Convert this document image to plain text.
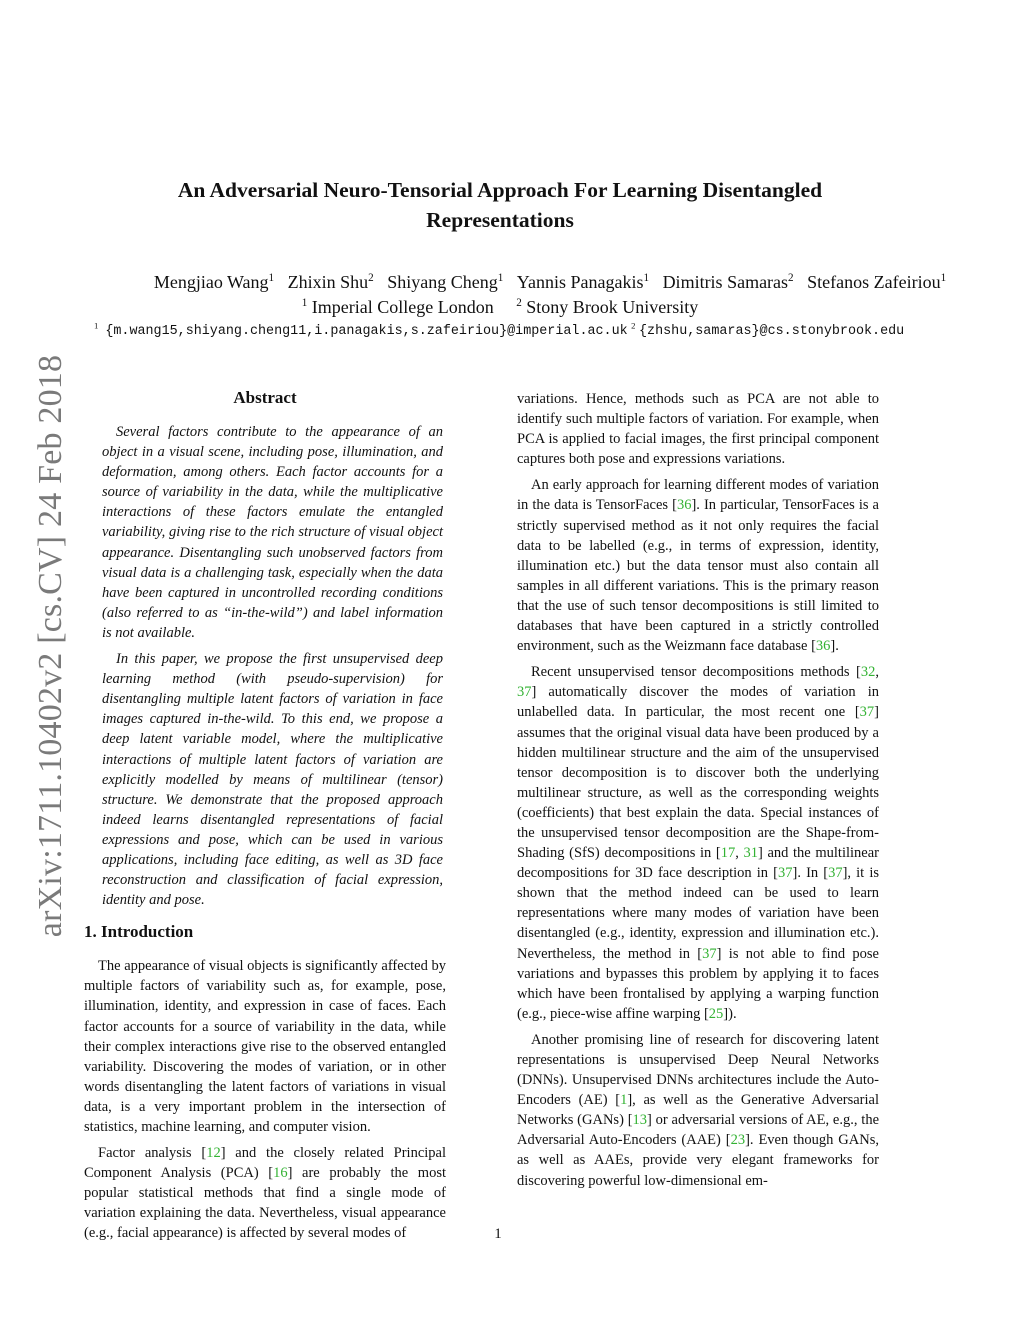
arXiv:1711.10402v2 [cs.CV] 24 Feb 2018
An Adversarial Neuro-Tensorial Approach For Learning Disentangled
Representations
Mengjiao Wang$^1$ Zhixin Shu$^2$ Shiyang Cheng$^1$ Yannis Panagakis$^1$ Dimitris Samaras$^2$ Stefanos Zafeiriou$^1$
$^1$ Imperial College London $^2$ Stony Brook University
$^1$ {m.wang15,shiyang.cheng11,i.panagakis,s.zafeiriou}@imperial.ac.uk $^2$ {zhshu,samaras}@cs.stonybrook.edu
Abstract

Several factors contribute to the appearance of an object in a visual scene, including pose, illumination, and deformation, among others. Each factor accounts for a source of variability in the data, while the multiplicative interactions of these factors emulate the entangled variability, giving rise to the rich structure of visual object appearance. Disentangling such unobserved factors from visual data is a challenging task, especially when the data have been captured in uncontrolled recording conditions (also referred to as “in-the-wild”) and label information is not available.

In this paper, we propose the first unsupervised deep learning method (with pseudo-supervision) for disentangling multiple latent factors of variation in face images captured in-the-wild. To this end, we propose a deep latent variable model, where the multiplicative interactions of multiple latent factors of variation are explicitly modelled by means of multilinear (tensor) structure. We demonstrate that the proposed approach indeed learns disentangled representations of facial expressions and pose, which can be used in various applications, including face editing, as well as 3D face reconstruction and classification of facial expression, identity and pose.

1. Introduction

The appearance of visual objects is significantly affected by multiple factors of variability such as, for example, pose, illumination, identity, and expression in case of faces. Each factor accounts for a source of variability in the data, while their complex interactions give rise to the observed entangled variability. Discovering the modes of variation, or in other words disentangling the latent factors of variations in visual data, is a very important problem in the intersection of statistics, machine learning, and computer vision.

Factor analysis [12] and the closely related Principal Component Analysis (PCA) [16] are probably the most popular statistical methods that find a single mode of variation explaining the data. Nevertheless, visual appearance (e.g., facial appearance) is affected by several modes of

variations. Hence, methods such as PCA are not able to identify such multiple factors of variation. For example, when PCA is applied to facial images, the first principal component captures both pose and expressions variations.

An early approach for learning different modes of variation in the data is TensorFaces [36]. In particular, TensorFaces is a strictly supervised method as it not only requires the facial data to be labelled (e.g., in terms of expression, identity, illumination etc.) but the data tensor must also contain all samples in all different variations. This is the primary reason that the use of such tensor decompositions is still limited to databases that have been captured in a strictly controlled environment, such as the Weizmann face database [36].

Recent unsupervised tensor decompositions methods [32, 37] automatically discover the modes of variation in unlabelled data. In particular, the most recent one [37] assumes that the original visual data have been produced by a hidden multilinear structure and the aim of the unsupervised tensor decomposition is to discover both the underlying multilinear structure, as well as the corresponding weights (coefficients) that best explain the data. Special instances of the unsupervised tensor decomposition are the Shape-from-Shading (SfS) decompositions in [17, 31] and the multilinear decompositions for 3D face description in [37]. In [37], it is shown that the method indeed can be used to learn representations where many modes of variation have been disentangled (e.g., identity, expression and illumination etc.). Nevertheless, the method in [37] is not able to find pose variations and bypasses this problem by applying it to faces which have been frontalised by applying a warping function (e.g., piece-wise affine warping [25]).

Another promising line of research for discovering latent representations is unsupervised Deep Neural Networks (DNNs). Unsupervised DNNs architectures include the Auto-Encoders (AE) [1], as well as the Generative Adversarial Networks (GANs) [13] or adversarial versions of AE, e.g., the Adversarial Auto-Encoders (AAE) [23]. Even though GANs, as well as AAEs, provide very elegant frameworks for discovering powerful low-dimensional em-

1
